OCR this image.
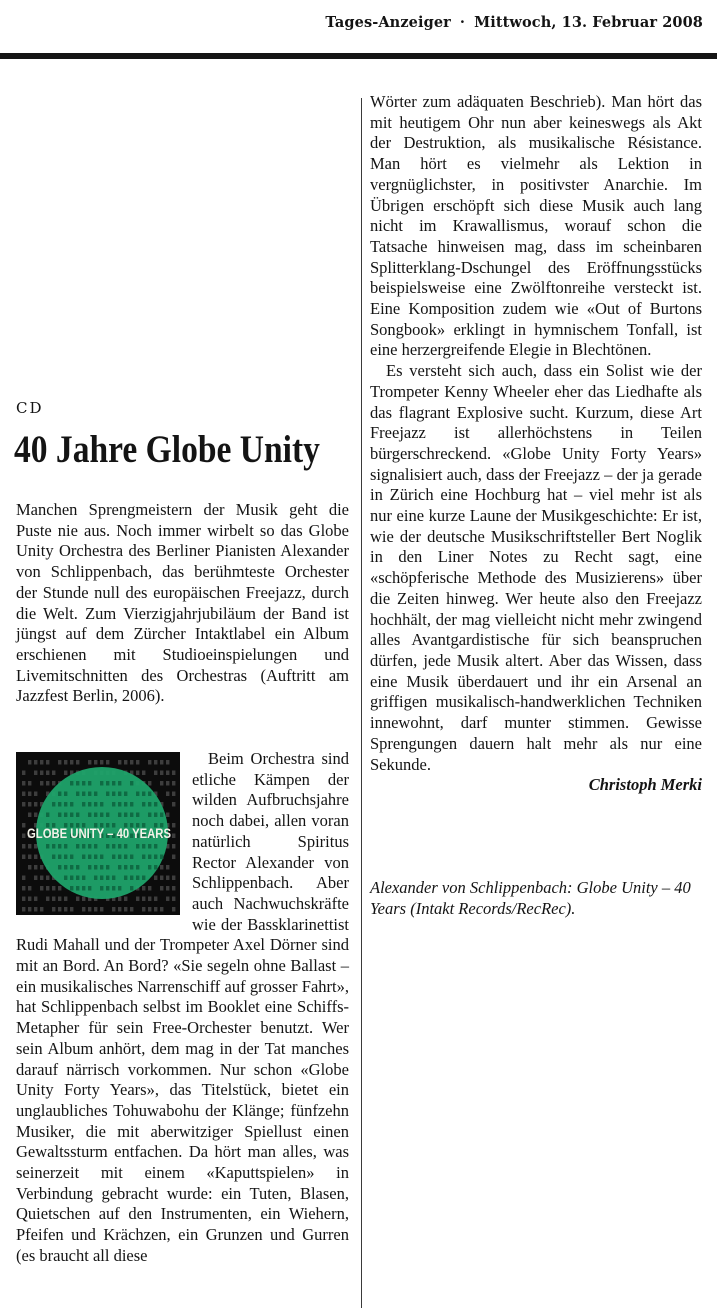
Tages-Anzeiger · Mittwoch, 13. Februar 2008
CD
40 Jahre Globe Unity

Manchen Sprengmeistern der Musik geht die Puste nie aus. Noch immer wirbelt so das Globe Unity Orchestra des Berliner Pianisten Alexander von Schlippenbach, das berühmteste Orchester der Stunde null des europäischen Freejazz, durch die Welt. Zum Vierzigjahrjubiläum der Band ist jüngst auf dem Zürcher Intaktlabel ein Album erschienen mit Studioeinspielungen und Livemitschnitten des Orchestras (Auftritt am Jazzfest Berlin, 2006).

GLOBE UNITY – 40 YEARS

Beim Orchestra sind etliche Kämpen der wilden Aufbruchsjahre noch dabei, allen voran natürlich Spiritus Rector Alexander von Schlippenbach. Aber auch Nachwuchskräfte wie der Bassklarinettist Rudi Mahall und der Trompeter Axel Dörner sind mit an Bord. An Bord? «Sie segeln ohne Ballast – ein musikalisches Narrenschiff auf grosser Fahrt», hat Schlippenbach selbst im Booklet eine Schiffs-Metapher für sein Free-Orchester benutzt. Wer sein Album anhört, dem mag in der Tat manches darauf närrisch vorkommen. Nur schon «Globe Unity Forty Years», das Titelstück, bietet ein unglaubliches Tohuwabohu der Klänge; fünfzehn Musiker, die mit aberwitziger Spiellust einen Gewaltssturm entfachen. Da hört man alles, was seinerzeit mit einem «Kaputtspielen» in Verbindung gebracht wurde: ein Tuten, Blasen, Quietschen auf den Instrumenten, ein Wiehern, Pfeifen und Krächzen, ein Grunzen und Gurren (es braucht all diese

Wörter zum adäquaten Beschrieb). Man hört das mit heutigem Ohr nun aber keineswegs als Akt der Destruktion, als musikalische Résistance. Man hört es vielmehr als Lektion in vergnüglichster, in positivster Anarchie. Im Übrigen erschöpft sich diese Musik auch lang nicht im Krawallismus, worauf schon die Tatsache hinweisen mag, dass im scheinbaren Splitterklang-Dschungel des Eröffnungsstücks beispielsweise eine Zwölftonreihe versteckt ist. Eine Komposition zudem wie «Out of Burtons Songbook» erklingt in hymnischem Tonfall, ist eine herzergreifende Elegie in Blechtönen.

Es versteht sich auch, dass ein Solist wie der Trompeter Kenny Wheeler eher das Liedhafte als das flagrant Explosive sucht. Kurzum, diese Art Freejazz ist allerhöchstens in Teilen bürgerschreckend. «Globe Unity Forty Years» signalisiert auch, dass der Freejazz – der ja gerade in Zürich eine Hochburg hat – viel mehr ist als nur eine kurze Laune der Musikgeschichte: Er ist, wie der deutsche Musikschriftsteller Bert Noglik in den Liner Notes zu Recht sagt, eine «schöpferische Methode des Musizierens» über die Zeiten hinweg. Wer heute also den Freejazz hochhält, der mag vielleicht nicht mehr zwingend alles Avantgardistische für sich beanspruchen dürfen, jede Musik altert. Aber das Wissen, dass eine Musik überdauert und ihr ein Arsenal an griffigen musikalisch-handwerklichen Techniken innewohnt, darf munter stimmen. Gewisse Sprengungen dauern halt mehr als nur eine Sekunde.

Christoph Merki

Alexander von Schlippenbach: Globe Unity – 40 Years (Intakt Records/RecRec).
